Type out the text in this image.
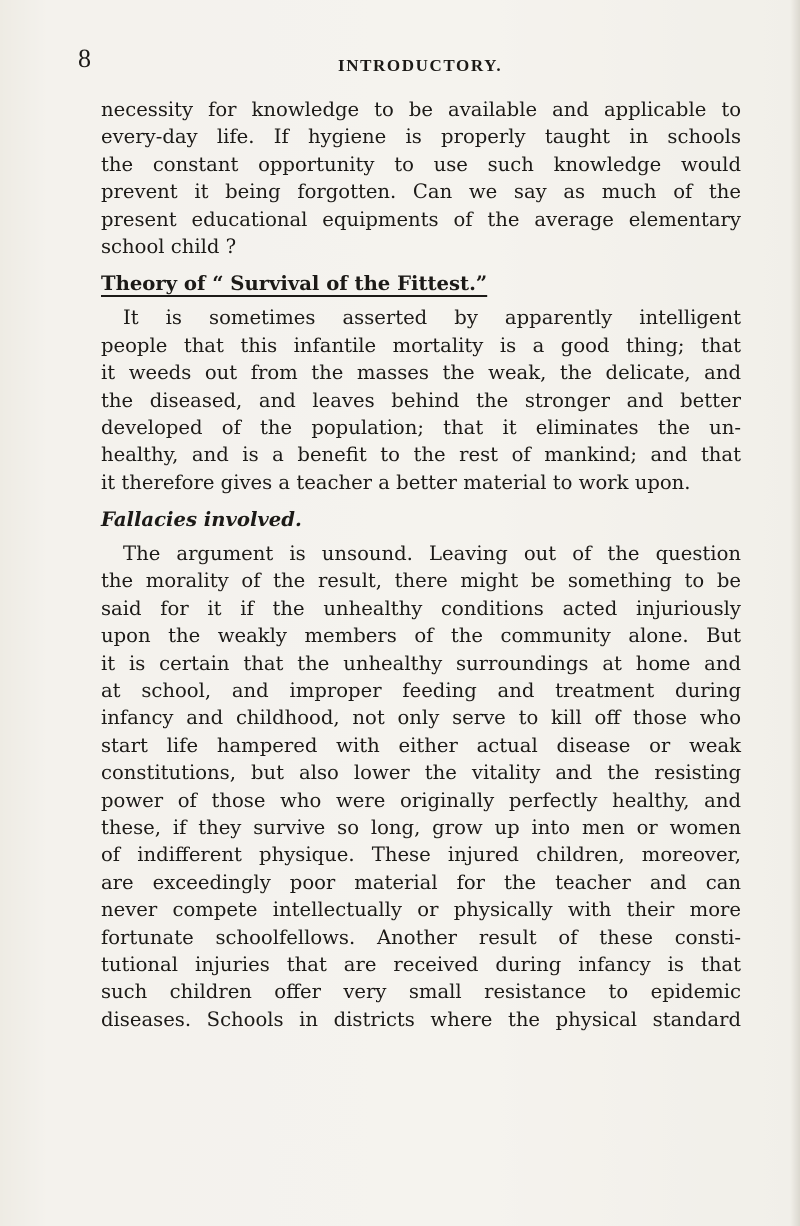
8	INTRODUCTORY.
necessity for knowledge to be available and applicable to
every-day life. If hygiene is properly taught in schools
the constant opportunity to use such knowledge would
prevent it being forgotten. Can we say as much of the
present educational equipments of the average elementary
school child ?
Theory of “ Survival of the Fittest.”
It is sometimes asserted by apparently intelligent
people that this infantile mortality is a good thing; that
it weeds out from the masses the weak, the delicate, and
the diseased, and leaves behind the stronger and better
developed of the population; that it eliminates the un-
healthy, and is a benefit to the rest of mankind; and that
it therefore gives a teacher a better material to work upon.
Fallacies involved.
The argument is unsound. Leaving out of the question
the morality of the result, there might be something to be
said for it if the unhealthy conditions acted injuriously
upon the weakly members of the community alone. But
it is certain that the unhealthy surroundings at home and
at school, and improper feeding and treatment during
infancy and childhood, not only serve to kill off those who
start life hampered with either actual disease or weak
constitutions, but also lower the vitality and the resisting
power of those who were originally perfectly healthy, and
these, if they survive so long, grow up into men or women
of indifferent physique. These injured children, moreover,
are exceedingly poor material for the teacher and can
never compete intellectually or physically with their more
fortunate schoolfellows. Another result of these consti-
tutional injuries that are received during infancy is that
such children offer very small resistance to epidemic
diseases. Schools in districts where the physical standard
